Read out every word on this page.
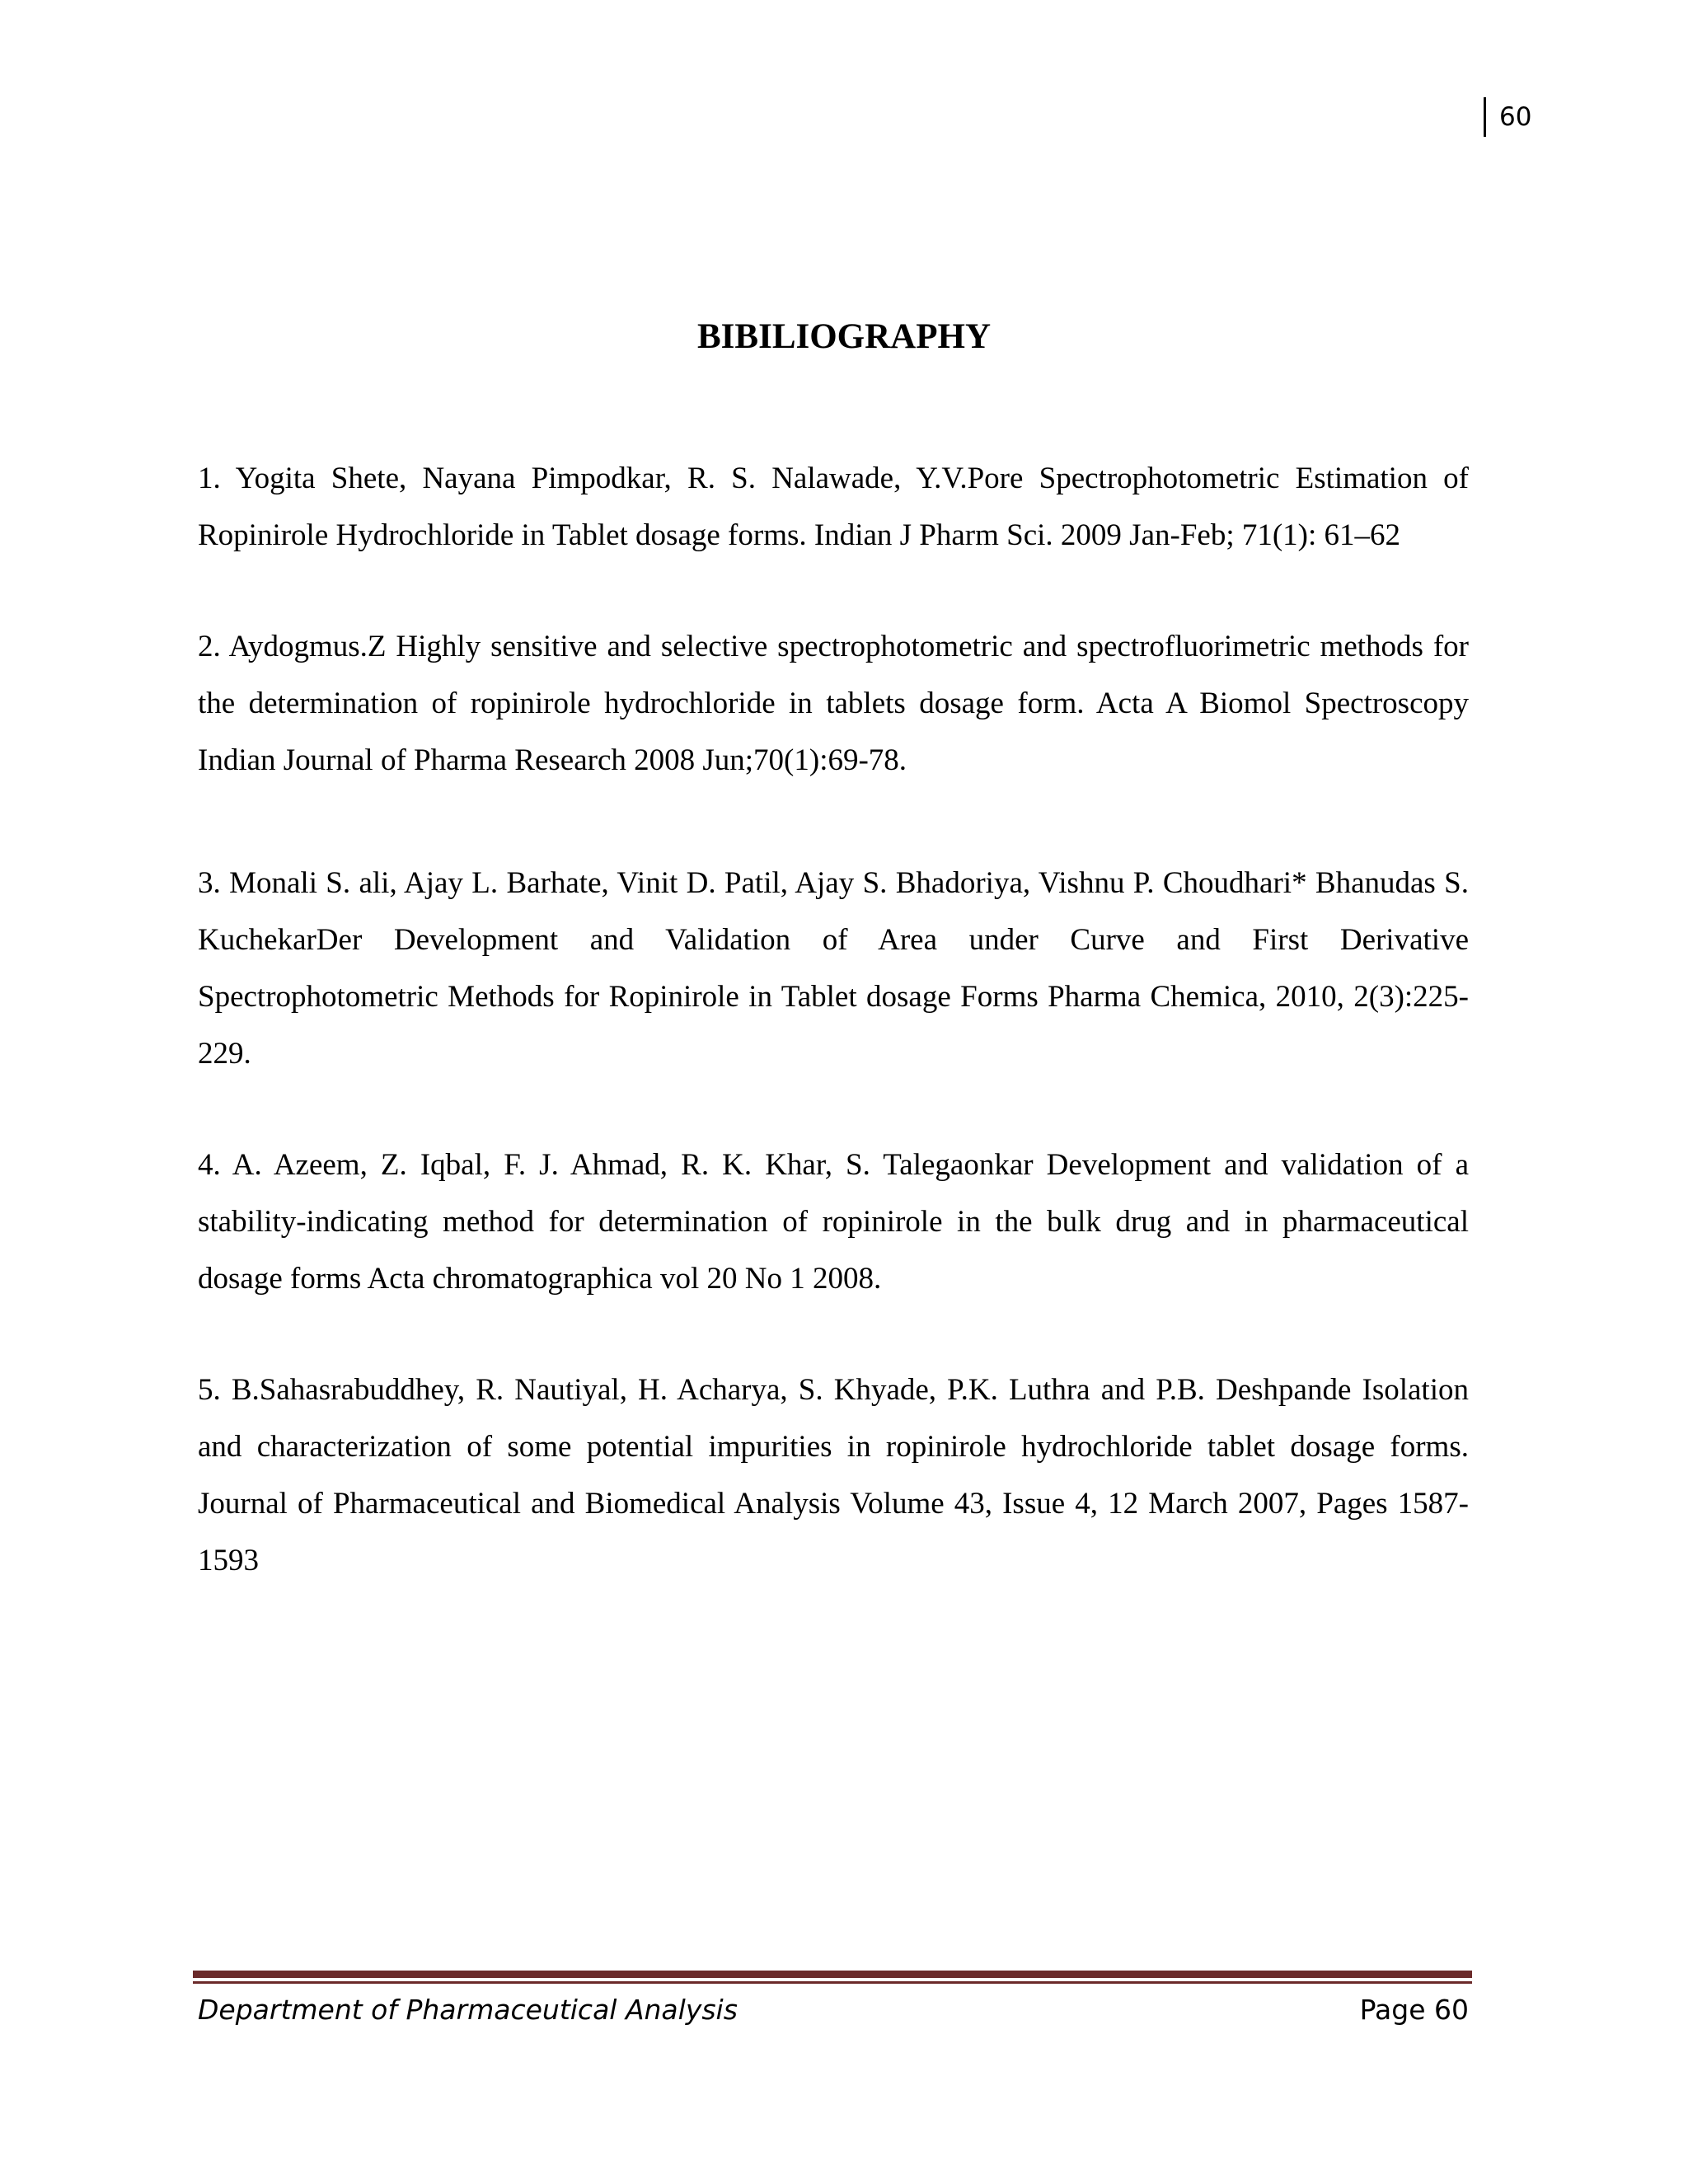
60
BIBILIOGRAPHY
1. Yogita Shete, Nayana Pimpodkar, R. S. Nalawade, Y.V.Pore Spectrophotometric Estimation of Ropinirole Hydrochloride in Tablet dosage forms. Indian J Pharm Sci. 2009 Jan-Feb; 71(1): 61–62
2. Aydogmus.Z Highly sensitive and selective spectrophotometric and spectrofluorimetric methods for the determination of ropinirole hydrochloride in tablets dosage form. Acta A Biomol Spectroscopy Indian Journal of Pharma Research 2008 Jun;70(1):69-78.
3. Monali S. ali, Ajay L. Barhate, Vinit D. Patil, Ajay S. Bhadoriya, Vishnu P. Choudhari* Bhanudas S. KuchekarDer Development and Validation of Area under Curve and First Derivative Spectrophotometric Methods for Ropinirole in Tablet dosage Forms Pharma Chemica, 2010, 2(3):225-229.
4. A. Azeem, Z. Iqbal, F. J. Ahmad, R. K. Khar, S. Talegaonkar Development and validation of a stability-indicating method for determination of ropinirole in the bulk drug and in pharmaceutical dosage forms Acta chromatographica vol 20 No 1 2008.
5. B.Sahasrabuddhey, R. Nautiyal, H. Acharya, S. Khyade, P.K. Luthra and P.B. Deshpande Isolation and characterization of some potential impurities in ropinirole hydrochloride tablet dosage forms. Journal of Pharmaceutical and Biomedical Analysis Volume 43, Issue 4, 12 March 2007, Pages 1587-1593
Department of Pharmaceutical Analysis	Page 60
